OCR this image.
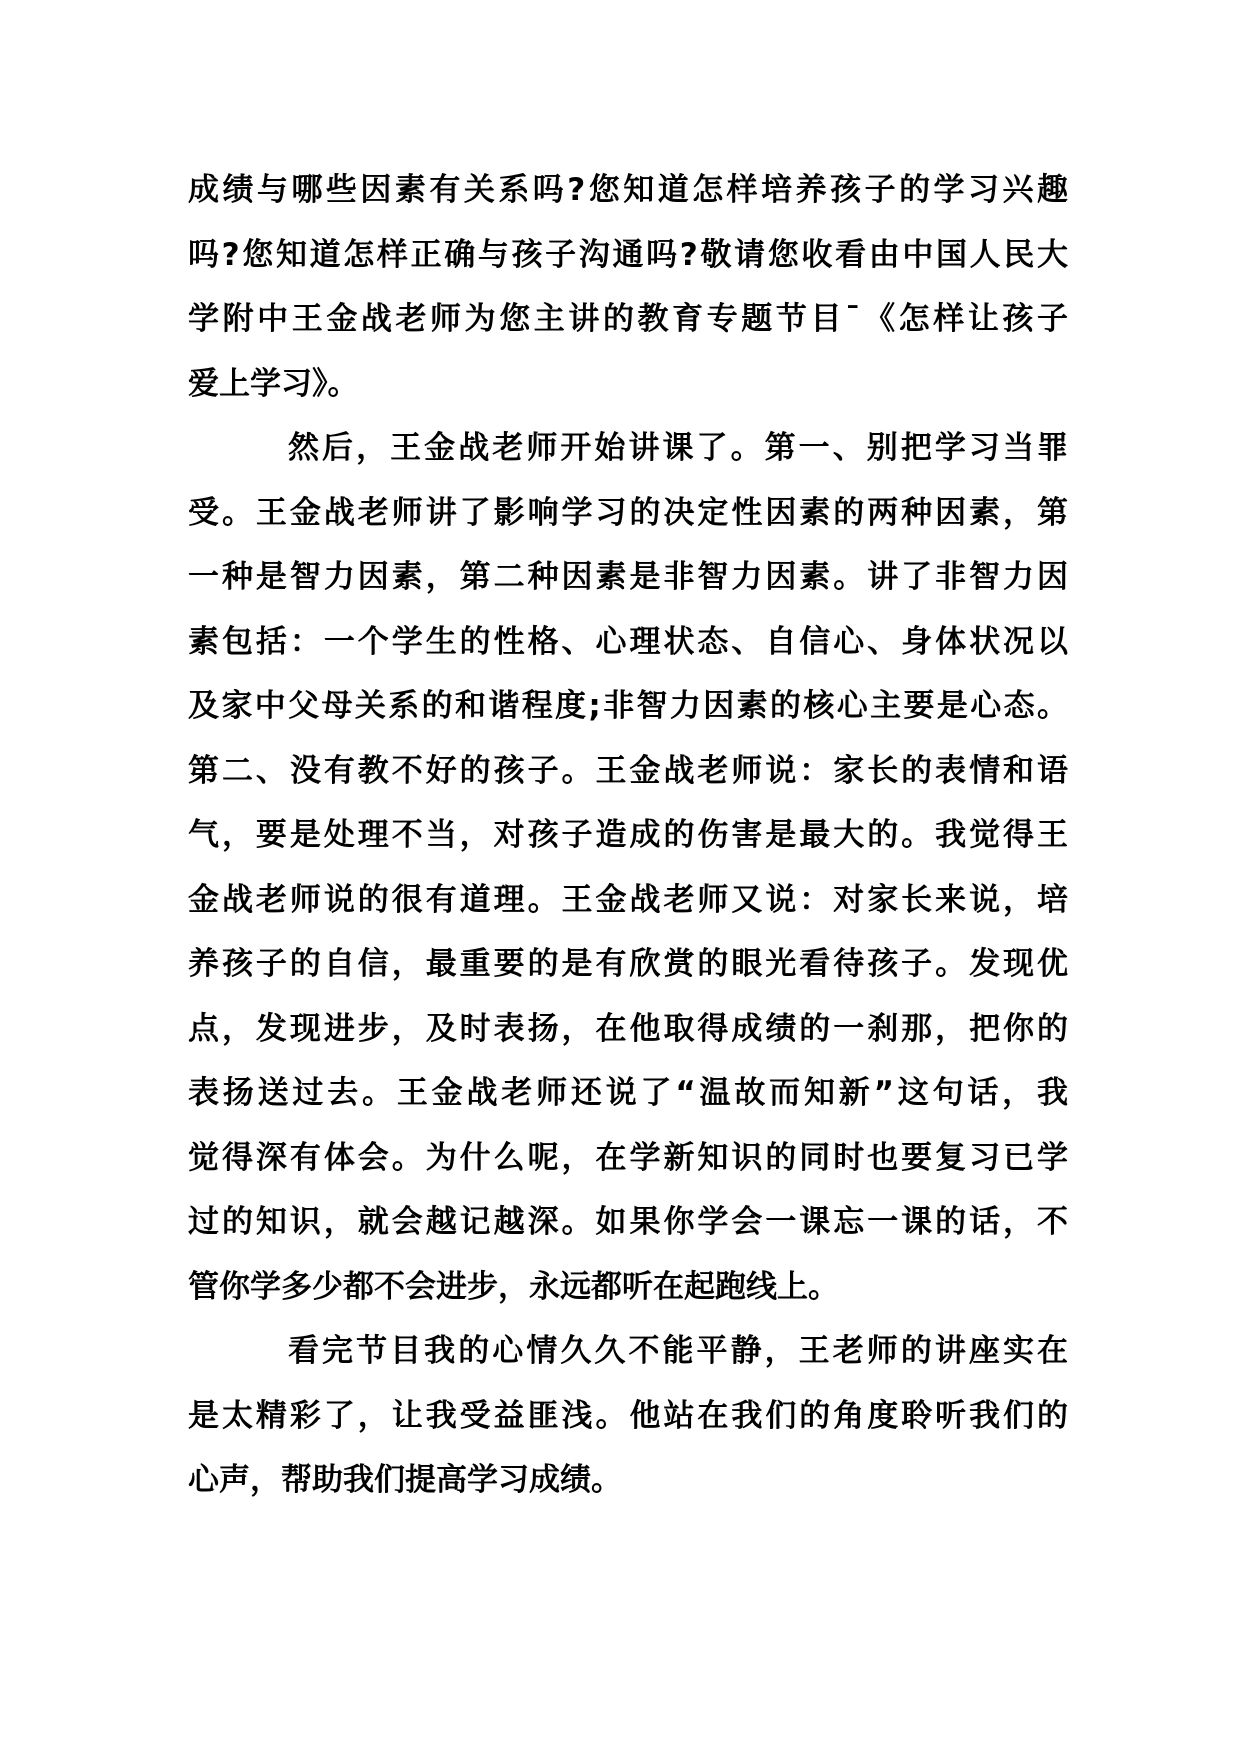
成绩与哪些因素有关系吗?您知道怎样培养孩子的学习兴趣
吗?您知道怎样正确与孩子沟通吗?敬请您收看由中国人民大
学附中王金战老师为您主讲的教育专题节目¯《怎样让孩子
爱上学习》。
然后，王金战老师开始讲课了。第一、别把学习当罪
受。王金战老师讲了影响学习的决定性因素的两种因素，第
一种是智力因素，第二种因素是非智力因素。讲了非智力因
素包括：一个学生的性格、心理状态、自信心、身体状况以
及家中父母关系的和谐程度;非智力因素的核心主要是心态。
第二、没有教不好的孩子。王金战老师说：家长的表情和语
气，要是处理不当，对孩子造成的伤害是最大的。我觉得王
金战老师说的很有道理。王金战老师又说：对家长来说，培
养孩子的自信，最重要的是有欣赏的眼光看待孩子。发现优
点，发现进步，及时表扬，在他取得成绩的一刹那，把你的
表扬送过去。王金战老师还说了“温故而知新”这句话，我
觉得深有体会。为什么呢，在学新知识的同时也要复习已学
过的知识，就会越记越深。如果你学会一课忘一课的话，不
管你学多少都不会进步，永远都听在起跑线上。
看完节目我的心情久久不能平静，王老师的讲座实在
是太精彩了，让我受益匪浅。他站在我们的角度聆听我们的
心声，帮助我们提高学习成绩。
